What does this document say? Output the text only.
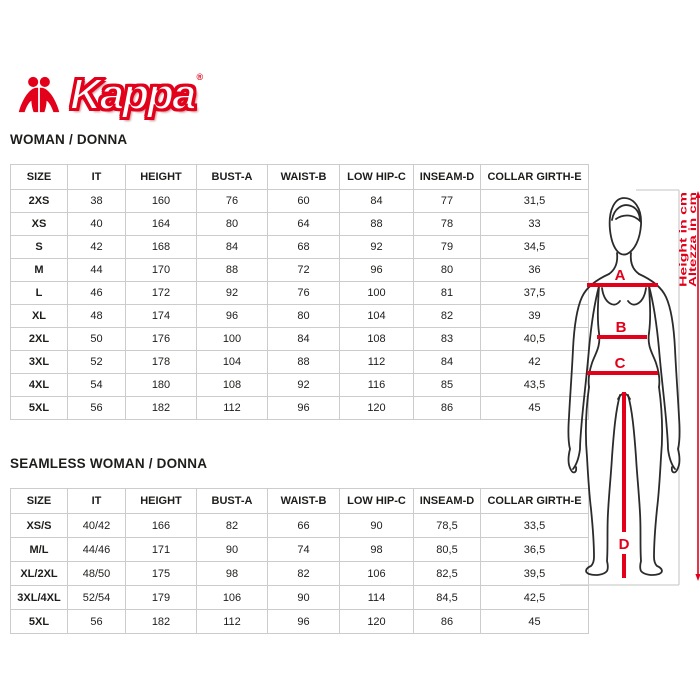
Kappa ®
WOMAN / DONNA
SIZE	IT	HEIGHT	BUST-A	WAIST-B	LOW HIP-C	INSEAM-D	COLLAR GIRTH-E
2XS	38	160	76	60	84	77	31,5
XS	40	164	80	64	88	78	33
S	42	168	84	68	92	79	34,5
M	44	170	88	72	96	80	36
L	46	172	92	76	100	81	37,5
XL	48	174	96	80	104	82	39
2XL	50	176	100	84	108	83	40,5
3XL	52	178	104	88	112	84	42
4XL	54	180	108	92	116	85	43,5
5XL	56	182	112	96	120	86	45
SEAMLESS WOMAN / DONNA
SIZE	IT	HEIGHT	BUST-A	WAIST-B	LOW HIP-C	INSEAM-D	COLLAR GIRTH-E
XS/S	40/42	166	82	66	90	78,5	33,5
M/L	44/46	171	90	74	98	80,5	36,5
XL/2XL	48/50	175	98	82	106	82,5	39,5
3XL/4XL	52/54	179	106	90	114	84,5	42,5
5XL	56	182	112	96	120	86	45
A
B
C
D
Height in cm
Altezza in cm
